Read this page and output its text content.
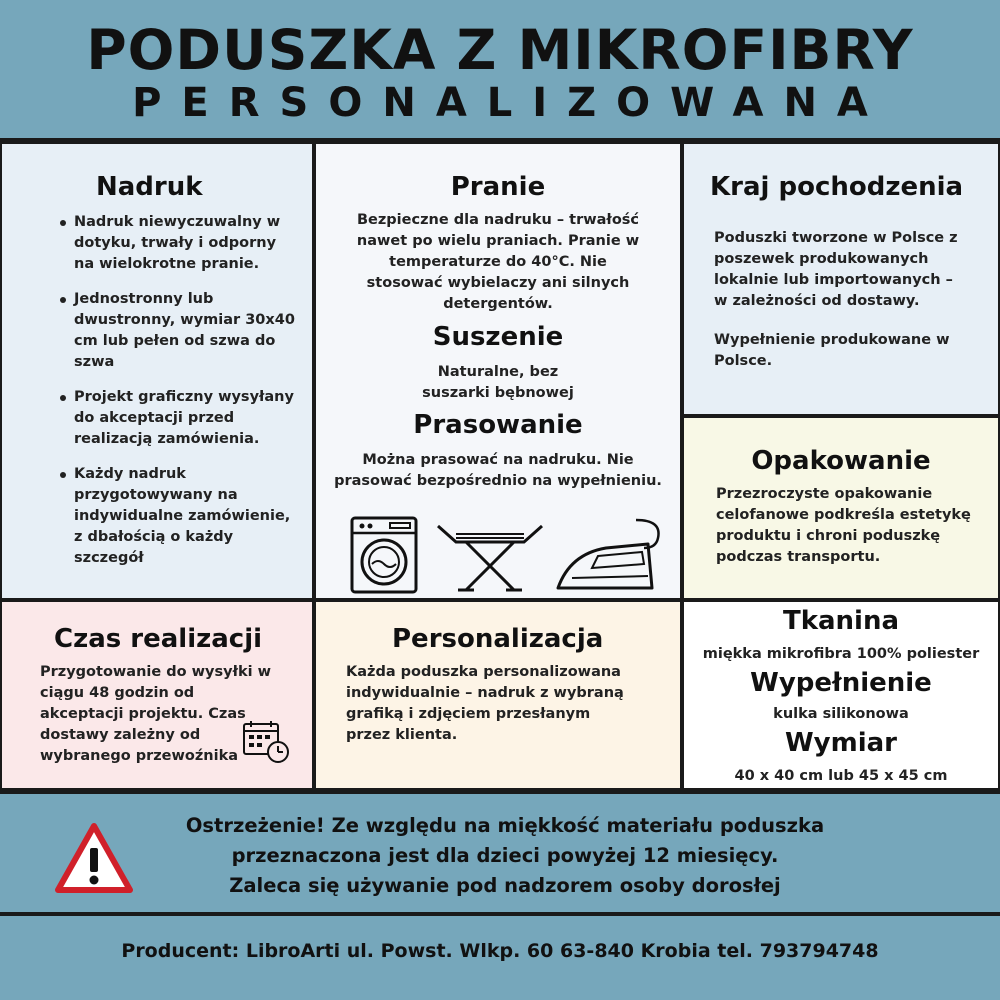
PODUSZKA Z MIKROFIBRY
PERSONALIZOWANA
Nadruk
Nadruk niewyczuwalny w dotyku, trwały i odporny na wielokrotne pranie.
Jednostronny lub dwustronny, wymiar 30x40 cm lub pełen od szwa do szwa
Projekt graficzny wysyłany do akceptacji przed realizacją zamówienia.
Każdy nadruk przygotowywany na indywidualne zamówienie, z dbałością o każdy szczegół
Pranie
Bezpieczne dla nadruku – trwałość nawet po wielu praniach. Pranie w temperaturze do 40°C. Nie stosować wybielaczy ani silnych detergentów.
Suszenie
Naturalne, bez suszarki bębnowej
Prasowanie
Można prasować na nadruku. Nie prasować bezpośrednio na wypełnieniu.
Kraj pochodzenia
Poduszki tworzone w Polsce z poszewek produkowanych lokalnie lub importowanych – w zależności od dostawy.
Wypełnienie produkowane w Polsce.
Opakowanie
Przezroczyste opakowanie celofanowe podkreśla estetykę produktu i chroni poduszkę podczas transportu.
Czas realizacji
Przygotowanie do wysyłki w ciągu 48 godzin od akceptacji projektu. Czas dostawy zależny od wybranego przewoźnika
Personalizacja
Każda poduszka personalizowana indywidualnie – nadruk z wybraną grafiką i zdjęciem przesłanym przez klienta.
Tkanina
miękka mikrofibra 100% poliester
Wypełnienie
kulka silikonowa
Wymiar
40 x 40 cm lub 45 x 45 cm
Ostrzeżenie! Ze względu na miękkość materiału poduszka
przeznaczona jest dla dzieci powyżej 12 miesięcy.
Zaleca się używanie pod nadzorem osoby dorosłej
Producent: LibroArti ul. Powst. Wlkp. 60 63-840 Krobia tel. 793794748
